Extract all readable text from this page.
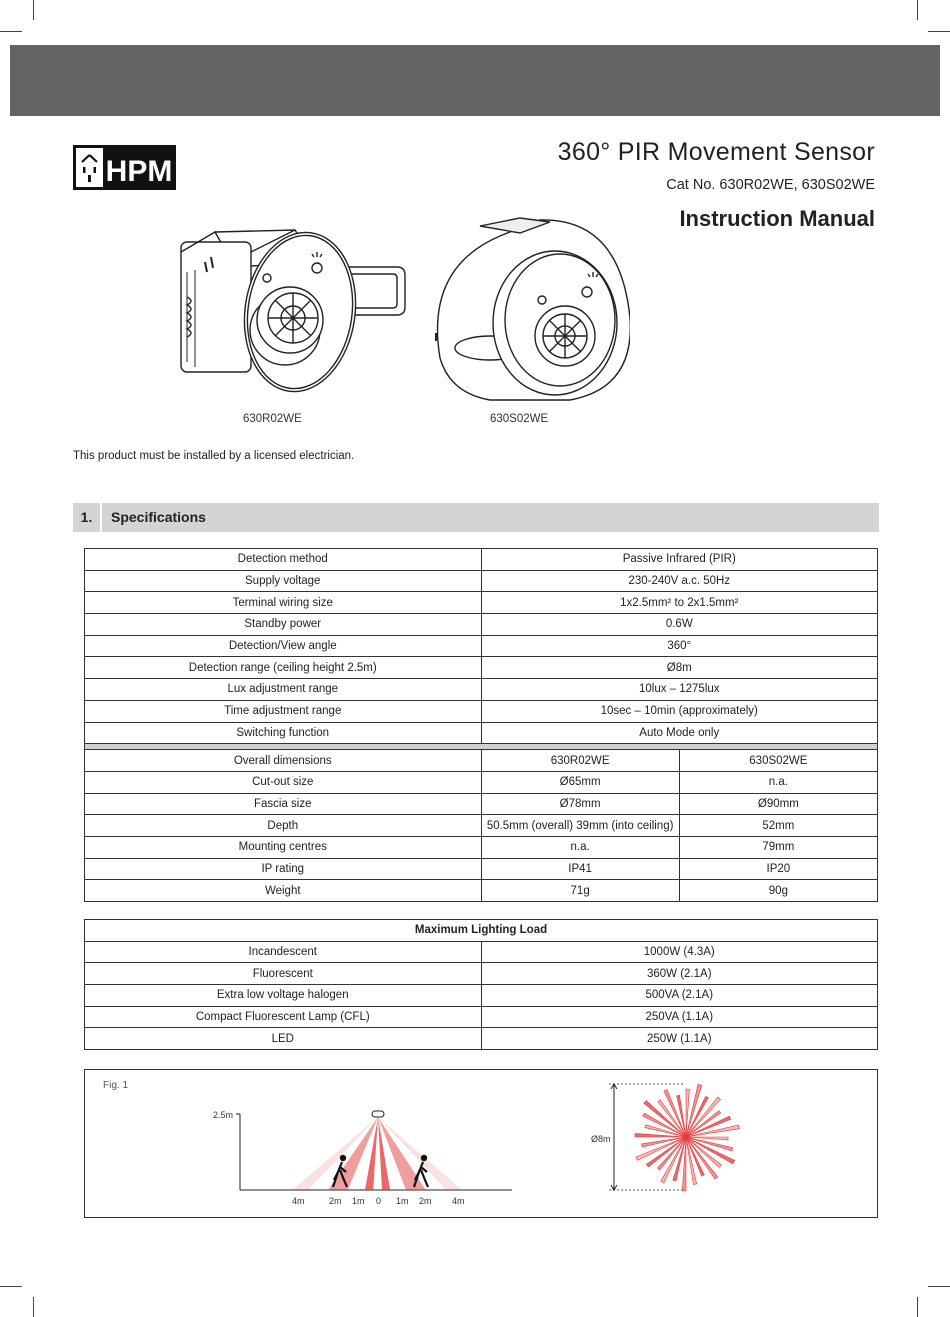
HPM
360° PIR Movement Sensor
Cat No. 630R02WE, 630S02WE
Instruction Manual
630R02WE	630S02WE
This product must be installed by a licensed electrician.
1.	Specifications
Detection method	Passive Infrared (PIR)	
Supply voltage	230-240V a.c. 50Hz	
Terminal wiring size	1x2.5mm² to 2x1.5mm²	
Standby power	0.6W	
Detection/View angle	360°	
Detection range (ceiling height 2.5m)	Ø8m	
Lux adjustment range	10lux – 1275lux	
Time adjustment range	10sec – 10min (approximately)	
Switching function	Auto Mode only	

Overall dimensions	630R02WE	630S02WE
Cut-out size	Ø65mm	n.a.
Fascia size	Ø78mm	Ø90mm
Depth	50.5mm (overall) 39mm (into ceiling)	52mm
Mounting centres	n.a.	79mm
IP rating	IP41	IP20
Weight	71g	90g
Maximum Lighting Load	
Incandescent	1000W (4.3A)
Fluorescent	360W (2.1A)
Extra low voltage halogen	500VA (2.1A)
Compact Fluorescent Lamp (CFL)	250VA (1.1A)
LED	250W (1.1A)
Fig. 1
2.5m
4m	2m 1m 0 1m 2m 4m
Ø8m
